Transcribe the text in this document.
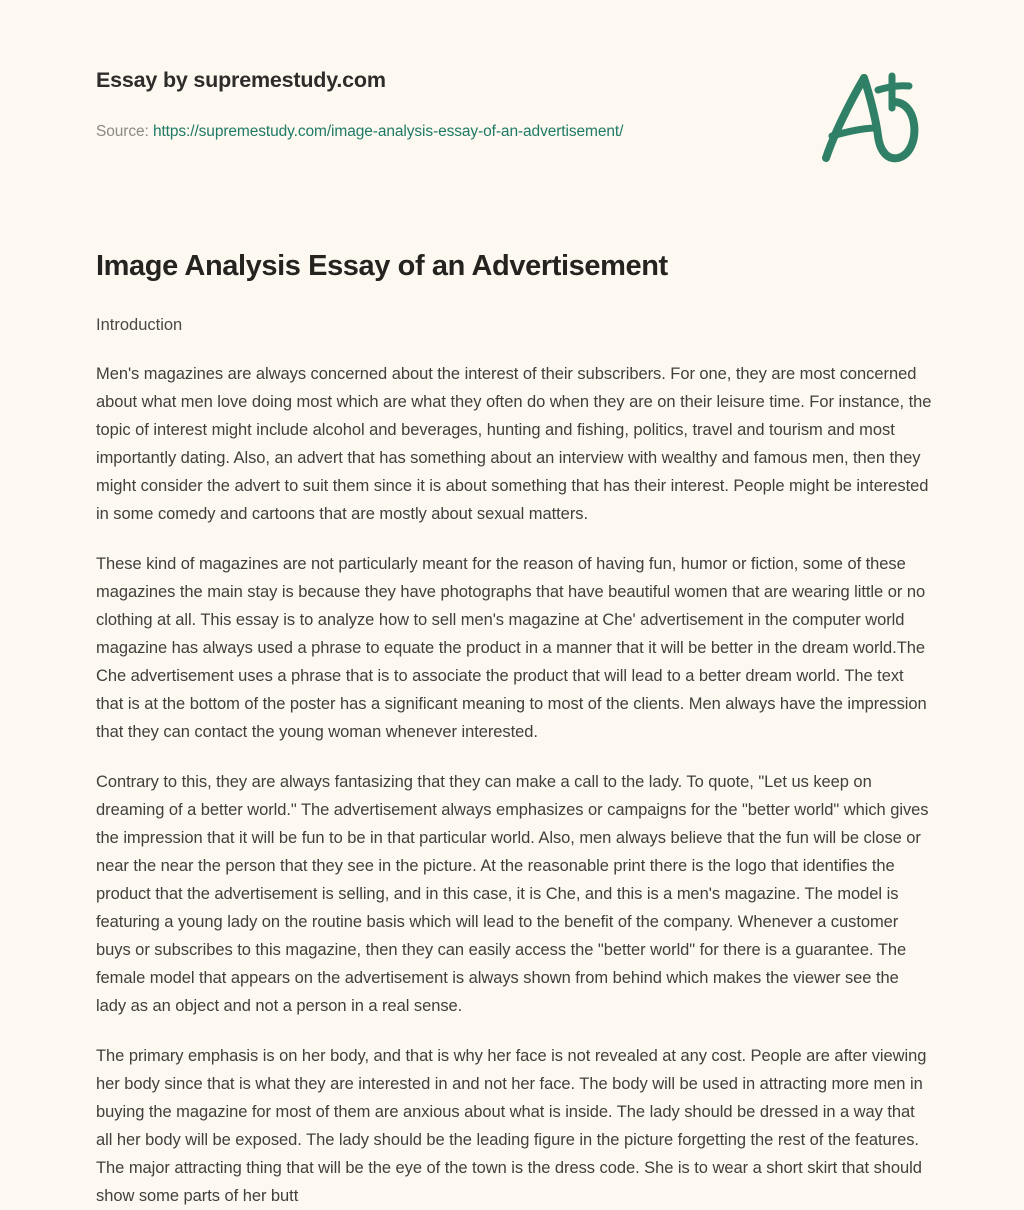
Essay by supremestudy.com
Source: https://supremestudy.com/image-analysis-essay-of-an-advertisement/
Image Analysis Essay of an Advertisement

Introduction

Men's magazines are always concerned about the interest of their subscribers. For one, they are most concerned about what men love doing most which are what they often do when they are on their leisure time. For instance, the topic of interest might include alcohol and beverages, hunting and fishing, politics, travel and tourism and most importantly dating. Also, an advert that has something about an interview with wealthy and famous men, then they might consider the advert to suit them since it is about something that has their interest. People might be interested in some comedy and cartoons that are mostly about sexual matters.

These kind of magazines are not particularly meant for the reason of having fun, humor or fiction, some of these magazines the main stay is because they have photographs that have beautiful women that are wearing little or no clothing at all. This essay is to analyze how to sell men's magazine at Che' advertisement in the computer world magazine has always used a phrase to equate the product in a manner that it will be better in the dream world.The Che advertisement uses a phrase that is to associate the product that will lead to a better dream world. The text that is at the bottom of the poster has a significant meaning to most of the clients. Men always have the impression that they can contact the young woman whenever interested.

Contrary to this, they are always fantasizing that they can make a call to the lady. To quote, "Let us keep on dreaming of a better world." The advertisement always emphasizes or campaigns for the "better world" which gives the impression that it will be fun to be in that particular world. Also, men always believe that the fun will be close or near the near the person that they see in the picture. At the reasonable print there is the logo that identifies the product that the advertisement is selling, and in this case, it is Che, and this is a men's magazine. The model is featuring a young lady on the routine basis which will lead to the benefit of the company. Whenever a customer buys or subscribes to this magazine, then they can easily access the "better world" for there is a guarantee. The female model that appears on the advertisement is always shown from behind which makes the viewer see the lady as an object and not a person in a real sense.

The primary emphasis is on her body, and that is why her face is not revealed at any cost. People are after viewing her body since that is what they are interested in and not her face. The body will be used in attracting more men in buying the magazine for most of them are anxious about what is inside. The lady should be dressed in a way that all her body will be exposed. The lady should be the leading figure in the picture forgetting the rest of the features. The major attracting thing that will be the eye of the town is the dress code. She is to wear a short skirt that should show some parts of her butt
